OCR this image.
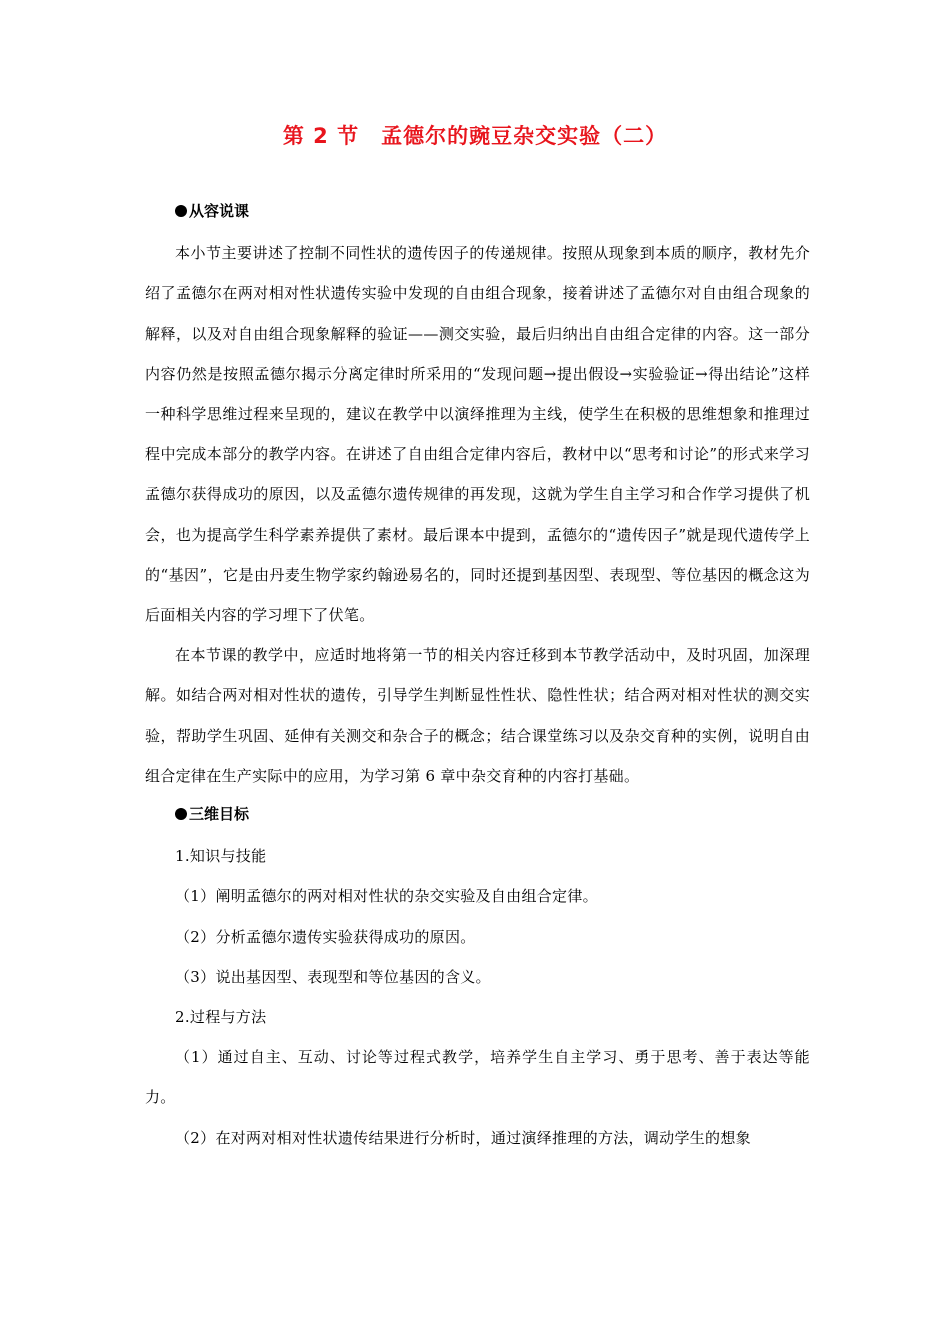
第 2 节　孟德尔的豌豆杂交实验（二）
从容说课

本小节主要讲述了控制不同性状的遗传因子的传递规律。按照从现象到本质的顺序，教材先介绍了孟德尔在两对相对性状遗传实验中发现的自由组合现象，接着讲述了孟德尔对自由组合现象的解释，以及对自由组合现象解释的验证——测交实验，最后归纳出自由组合定律的内容。这一部分内容仍然是按照孟德尔揭示分离定律时所采用的“发现问题→提出假设→实验验证→得出结论”这样一种科学思维过程来呈现的，建议在教学中以演绎推理为主线，使学生在积极的思维想象和推理过程中完成本部分的教学内容。在讲述了自由组合定律内容后，教材中以“思考和讨论”的形式来学习孟德尔获得成功的原因，以及孟德尔遗传规律的再发现，这就为学生自主学习和合作学习提供了机会，也为提高学生科学素养提供了素材。最后课本中提到，孟德尔的“遗传因子”就是现代遗传学上的“基因”，它是由丹麦生物学家约翰逊易名的，同时还提到基因型、表现型、等位基因的概念这为后面相关内容的学习埋下了伏笔。

在本节课的教学中，应适时地将第一节的相关内容迁移到本节教学活动中，及时巩固，加深理解。如结合两对相对性状的遗传，引导学生判断显性性状、隐性性状；结合两对相对性状的测交实验，帮助学生巩固、延伸有关测交和杂合子的概念；结合课堂练习以及杂交育种的实例，说明自由组合定律在生产实际中的应用，为学习第 6 章中杂交育种的内容打基础。

三维目标

1.知识与技能

（1）阐明孟德尔的两对相对性状的杂交实验及自由组合定律。

（2）分析孟德尔遗传实验获得成功的原因。

（3）说出基因型、表现型和等位基因的含义。

2.过程与方法

（1）通过自主、互动、讨论等过程式教学，培养学生自主学习、勇于思考、善于表达等能力。

（2）在对两对相对性状遗传结果进行分析时，通过演绎推理的方法，调动学生的想象
